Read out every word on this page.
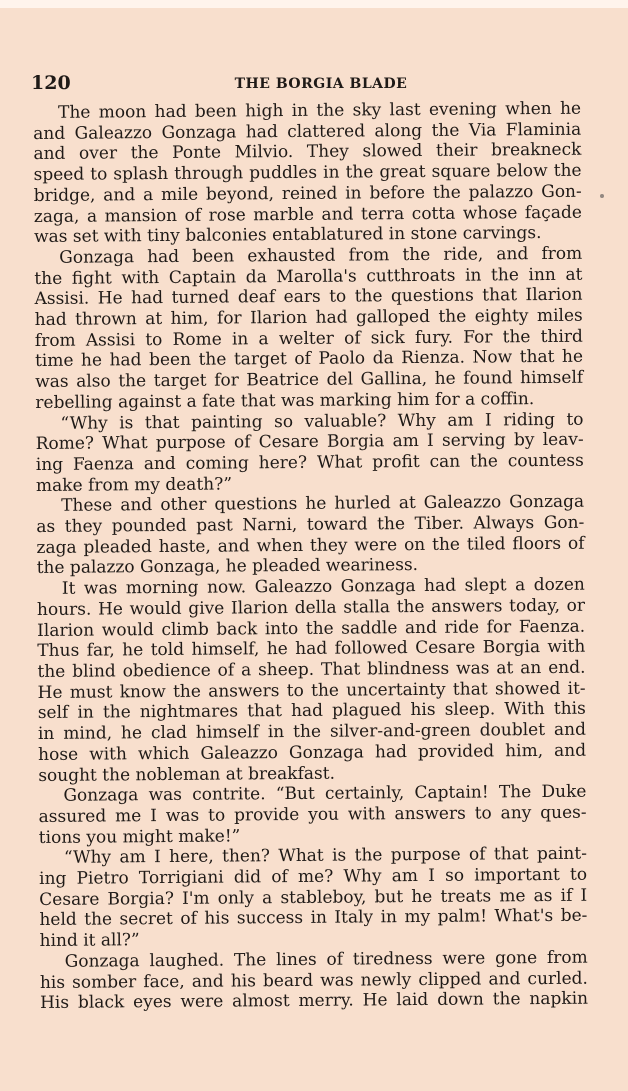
120	THE BORGIA BLADE
The moon had been high in the sky last evening when he
and Galeazzo Gonzaga had clattered along the Via Flaminia
and over the Ponte Milvio. They slowed their breakneck
speed to splash through puddles in the great square below the
bridge, and a mile beyond, reined in before the palazzo Gon-
zaga, a mansion of rose marble and terra cotta whose façade
was set with tiny balconies entablatured in stone carvings.
Gonzaga had been exhausted from the ride, and from
the fight with Captain da Marolla's cutthroats in the inn at
Assisi. He had turned deaf ears to the questions that Ilarion
had thrown at him, for Ilarion had galloped the eighty miles
from Assisi to Rome in a welter of sick fury. For the third
time he had been the target of Paolo da Rienza. Now that he
was also the target for Beatrice del Gallina, he found himself
rebelling against a fate that was marking him for a coffin.
“Why is that painting so valuable? Why am I riding to
Rome? What purpose of Cesare Borgia am I serving by leav-
ing Faenza and coming here? What profit can the countess
make from my death?”
These and other questions he hurled at Galeazzo Gonzaga
as they pounded past Narni, toward the Tiber. Always Gon-
zaga pleaded haste, and when they were on the tiled floors of
the palazzo Gonzaga, he pleaded weariness.
It was morning now. Galeazzo Gonzaga had slept a dozen
hours. He would give Ilarion della stalla the answers today, or
Ilarion would climb back into the saddle and ride for Faenza.
Thus far, he told himself, he had followed Cesare Borgia with
the blind obedience of a sheep. That blindness was at an end.
He must know the answers to the uncertainty that showed it-
self in the nightmares that had plagued his sleep. With this
in mind, he clad himself in the silver-and-green doublet and
hose with which Galeazzo Gonzaga had provided him, and
sought the nobleman at breakfast.
Gonzaga was contrite. “But certainly, Captain! The Duke
assured me I was to provide you with answers to any ques-
tions you might make!”
“Why am I here, then? What is the purpose of that paint-
ing Pietro Torrigiani did of me? Why am I so important to
Cesare Borgia? I'm only a stableboy, but he treats me as if I
held the secret of his success in Italy in my palm! What's be-
hind it all?”
Gonzaga laughed. The lines of tiredness were gone from
his somber face, and his beard was newly clipped and curled.
His black eyes were almost merry. He laid down the napkin
